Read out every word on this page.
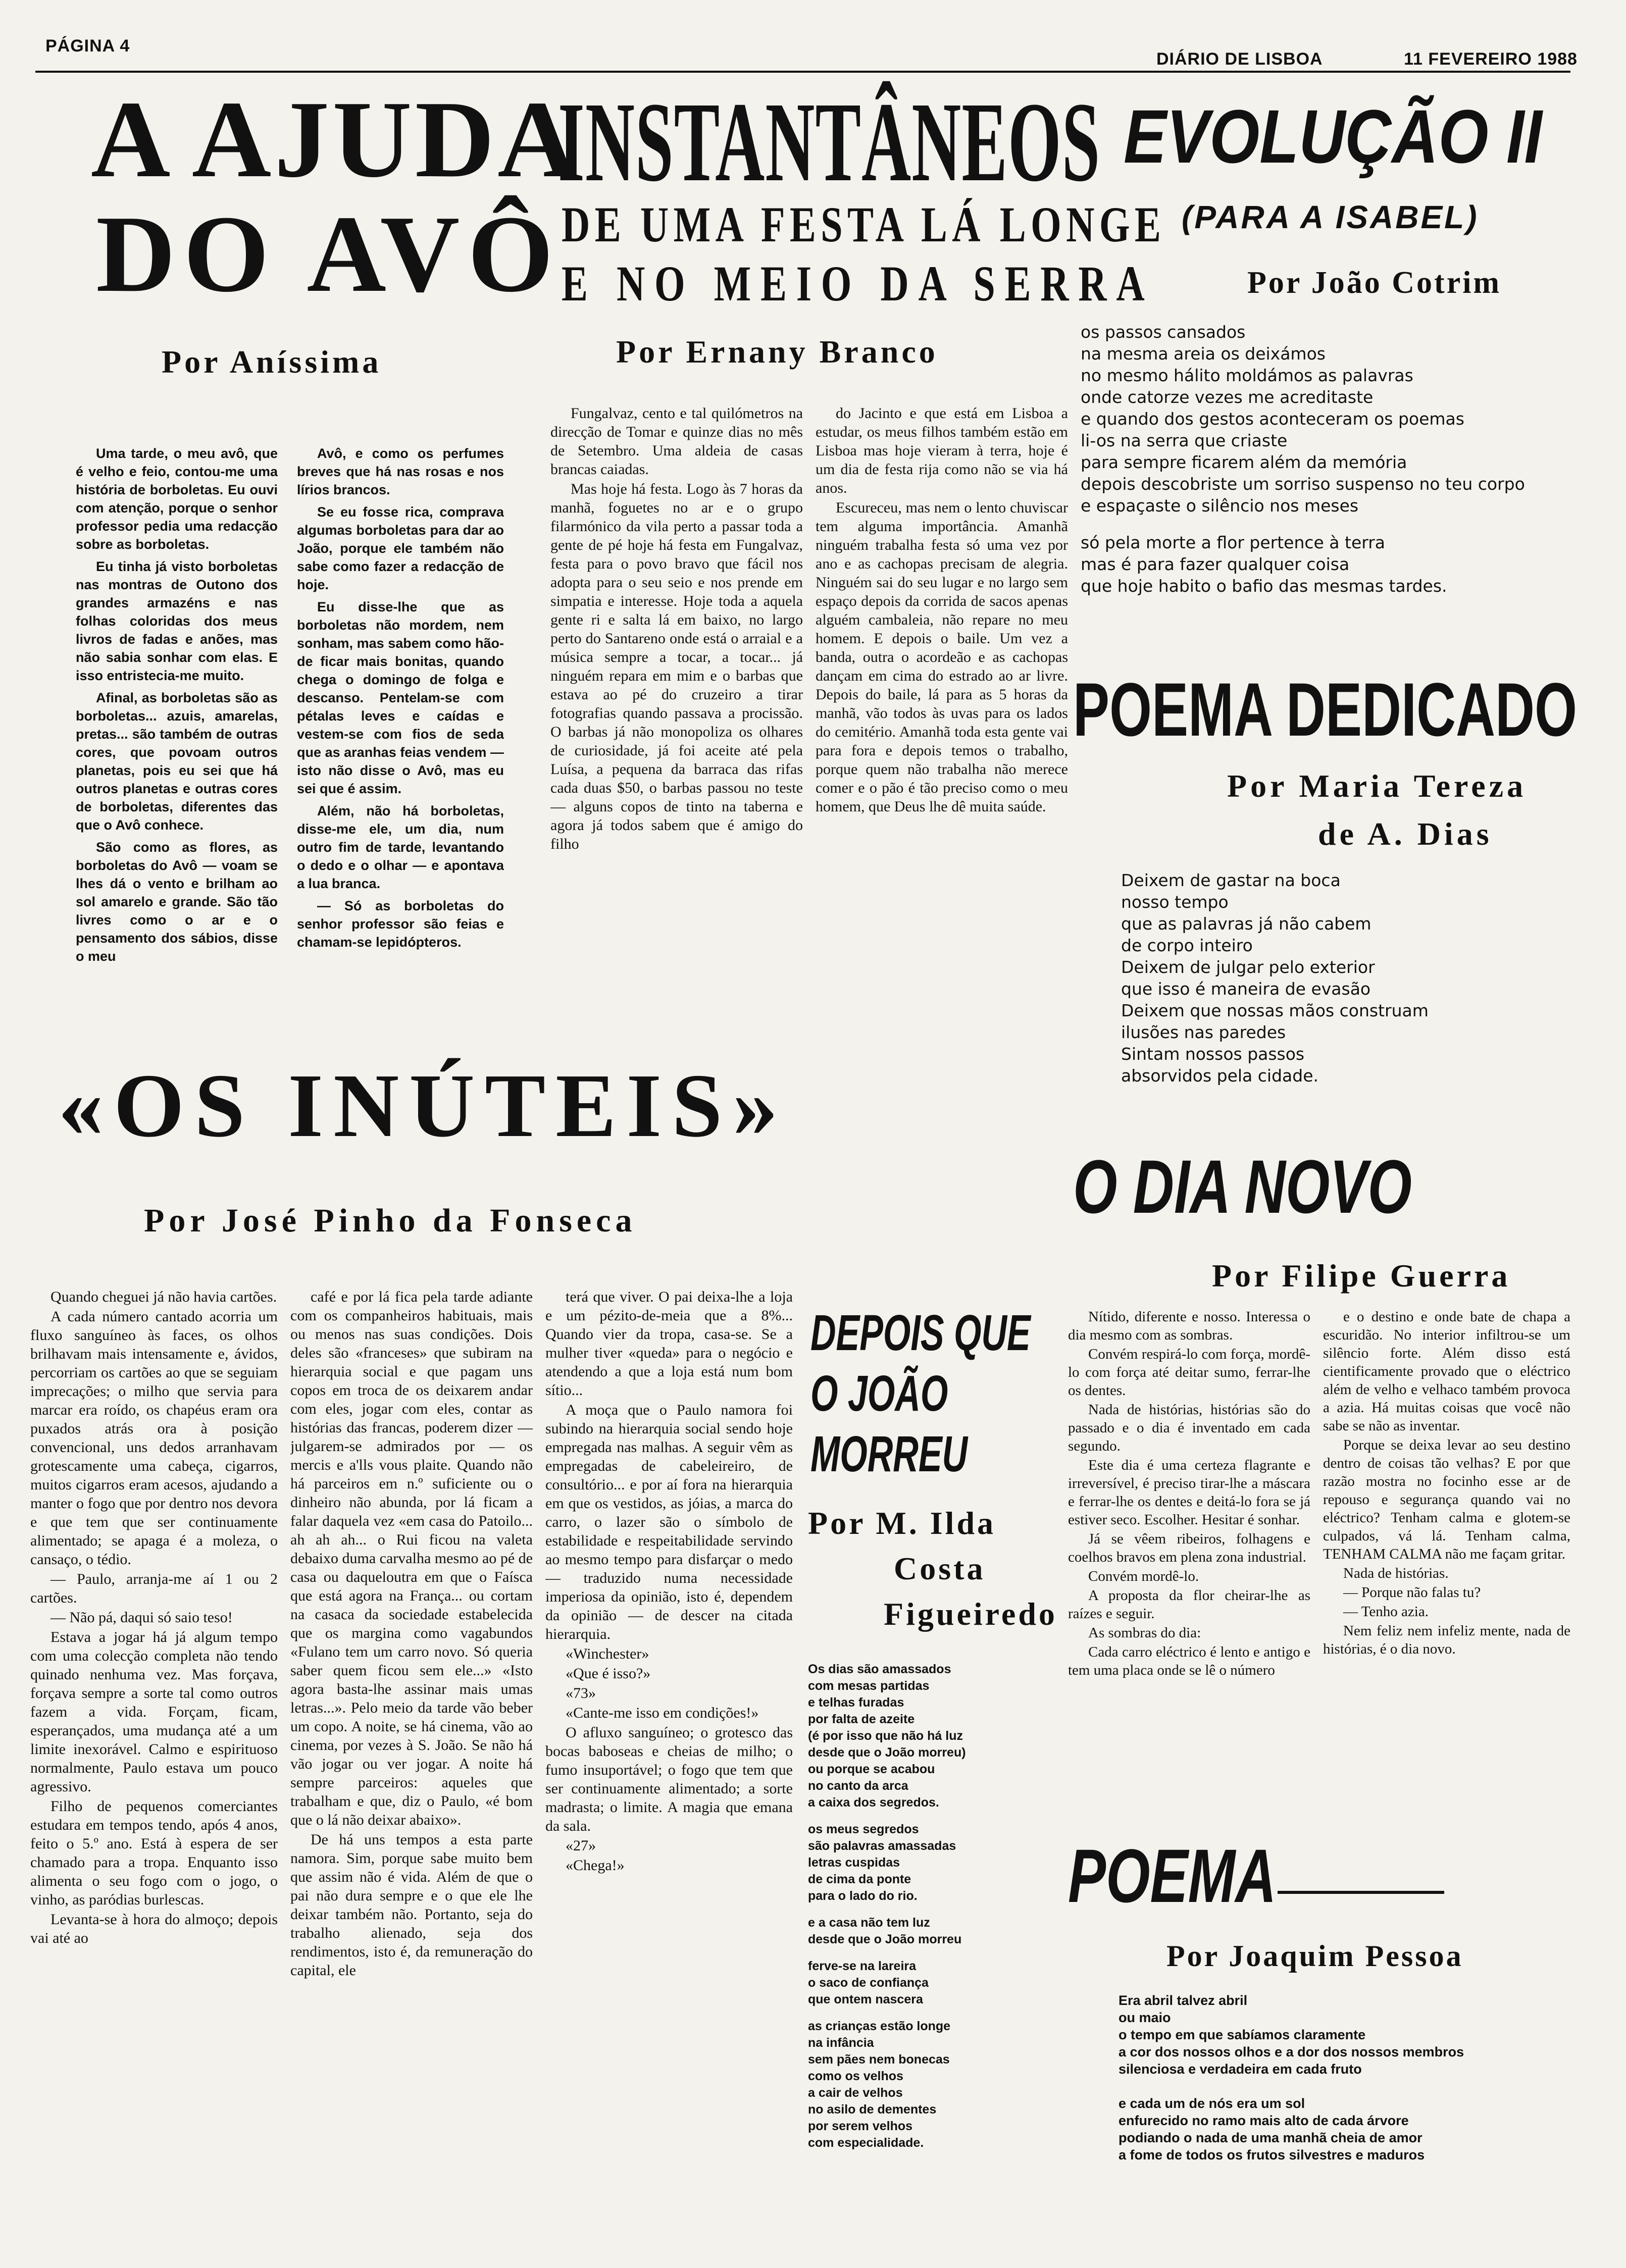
PÁGINA 4
DIÁRIO DE LISBOA	11 FEVEREIRO 1988
A AJUDA
DO AVÔ
Por Aníssima

Uma tarde, o meu avô, que é velho e feio, contou-me uma história de borboletas. Eu ouvi com atenção, porque o senhor professor pedia uma redacção sobre as borboletas.

Eu tinha já visto borboletas nas montras de Outono dos grandes armazéns e nas folhas coloridas dos meus livros de fadas e anões, mas não sabia sonhar com elas. E isso entristecia-me muito.

Afinal, as borboletas são as borboletas... azuis, amarelas, pretas... são também de outras cores, que povoam outros planetas, pois eu sei que há outros planetas e outras cores de borboletas, diferentes das que o Avô conhece.

São como as flores, as borboletas do Avô — voam se lhes dá o vento e brilham ao sol amarelo e grande. São tão livres como o ar e o pensamento dos sábios, disse o meu

Avô, e como os perfumes breves que há nas rosas e nos lírios brancos.

Se eu fosse rica, comprava algumas borboletas para dar ao João, porque ele também não sabe como fazer a redacção de hoje.

Eu disse-lhe que as borboletas não mordem, nem sonham, mas sabem como hão-de ficar mais bonitas, quando chega o domingo de folga e descanso. Pentelam-se com pétalas leves e caídas e vestem-se com fios de seda que as aranhas feias vendem — isto não disse o Avô, mas eu sei que é assim.

Além, não há borboletas, disse-me ele, um dia, num outro fim de tarde, levantando o dedo e o olhar — e apontava a lua branca.

— Só as borboletas do senhor professor são feias e chamam-se lepidópteros.

INSTANTÂNEOS
DE UMA FESTA LÁ LONGE
E NO MEIO DA SERRA
Por Ernany Branco

Fungalvaz, cento e tal quilómetros na direcção de Tomar e quinze dias no mês de Setembro. Uma aldeia de casas brancas caiadas.

Mas hoje há festa. Logo às 7 horas da manhã, foguetes no ar e o grupo filarmónico da vila perto a passar toda a gente de pé hoje há festa em Fungalvaz, festa para o povo bravo que fácil nos adopta para o seu seio e nos prende em simpatia e interesse. Hoje toda a aquela gente ri e salta lá em baixo, no largo perto do Santareno onde está o arraial e a música sempre a tocar, a tocar... já ninguém repara em mim e o barbas que estava ao pé do cruzeiro a tirar fotografias quando passava a procissão. O barbas já não monopoliza os olhares de curiosidade, já foi aceite até pela Luísa, a pequena da barraca das rifas cada duas $50, o barbas passou no teste — alguns copos de tinto na taberna e agora já todos sabem que é amigo do filho

do Jacinto e que está em Lisboa a estudar, os meus filhos também estão em Lisboa mas hoje vieram à terra, hoje é um dia de festa rija como não se via há anos.

Escureceu, mas nem o lento chuviscar tem alguma importância. Amanhã ninguém trabalha festa só uma vez por ano e as cachopas precisam de alegria. Ninguém sai do seu lugar e no largo sem espaço depois da corrida de sacos apenas alguém cambaleia, não repare no meu homem. E depois o baile. Um vez a banda, outra o acordeão e as cachopas dançam em cima do estrado ao ar livre. Depois do baile, lá para as 5 horas da manhã, vão todos às uvas para os lados do cemitério. Amanhã toda esta gente vai para fora e depois temos o trabalho, porque quem não trabalha não merece comer e o pão é tão preciso como o meu homem, que Deus lhe dê muita saúde.

EVOLUÇÃO II
(PARA A ISABEL)
Por João Cotrim
os passos cansados
na mesma areia os deixámos
no mesmo hálito moldámos as palavras
onde catorze vezes me acreditaste
e quando dos gestos aconteceram os poemas
li-os na serra que criaste
para sempre ficarem além da memória
depois descobriste um sorriso suspenso no teu corpo
e espaçaste o silêncio nos meses
só pela morte a flor pertence à terra
mas é para fazer qualquer coisa
que hoje habito o bafio das mesmas tardes.
POEMA DEDICADO
Por Maria Tereza
de A. Dias
Deixem de gastar na boca
nosso tempo
que as palavras já não cabem
de corpo inteiro
Deixem de julgar pelo exterior
que isso é maneira de evasão
Deixem que nossas mãos construam
ilusões nas paredes
Sintam nossos passos
absorvidos pela cidade.
«OS INÚTEIS»
Por José Pinho da Fonseca

Quando cheguei já não havia cartões.

A cada número cantado acorria um fluxo sanguíneo às faces, os olhos brilhavam mais intensamente e, ávidos, percorriam os cartões ao que se seguiam imprecações; o milho que servia para marcar era roído, os chapéus eram ora puxados atrás ora à posição convencional, uns dedos arranhavam grotescamente uma cabeça, cigarros, muitos cigarros eram acesos, ajudando a manter o fogo que por dentro nos devora e que tem que ser continuamente alimentado; se apaga é a moleza, o cansaço, o tédio.

— Paulo, arranja-me aí 1 ou 2 cartões.

— Não pá, daqui só saio teso!

Estava a jogar há já algum tempo com uma colecção completa não tendo quinado nenhuma vez. Mas forçava, forçava sempre a sorte tal como outros fazem a vida. Forçam, ficam, esperançados, uma mudança até a um limite inexorável. Calmo e espirituoso normalmente, Paulo estava um pouco agressivo.

Filho de pequenos comerciantes estudara em tempos tendo, após 4 anos, feito o 5.º ano. Está à espera de ser chamado para a tropa. Enquanto isso alimenta o seu fogo com o jogo, o vinho, as paródias burlescas.

Levanta-se à hora do almoço; depois vai até ao

café e por lá fica pela tarde adiante com os companheiros habituais, mais ou menos nas suas condições. Dois deles são «franceses» que subiram na hierarquia social e que pagam uns copos em troca de os deixarem andar com eles, jogar com eles, contar as histórias das francas, poderem dizer — julgarem-se admirados por — os mercis e a'lls vous plaite. Quando não há parceiros em n.º suficiente ou o dinheiro não abunda, por lá ficam a falar daquela vez «em casa do Patoilo... ah ah ah... o Rui ficou na valeta debaixo duma carvalha mesmo ao pé de casa ou daqueloutra em que o Faísca que está agora na França... ou cortam na casaca da sociedade estabelecida que os margina como vagabundos «Fulano tem um carro novo. Só queria saber quem ficou sem ele...» «Isto agora basta-lhe assinar mais umas letras...». Pelo meio da tarde vão beber um copo. A noite, se há cinema, vão ao cinema, por vezes à S. João. Se não há vão jogar ou ver jogar. A noite há sempre parceiros: aqueles que trabalham e que, diz o Paulo, «é bom que o lá não deixar abaixo».

De há uns tempos a esta parte namora. Sim, porque sabe muito bem que assim não é vida. Além de que o pai não dura sempre e o que ele lhe deixar também não. Portanto, seja do trabalho alienado, seja dos rendimentos, isto é, da remuneração do capital, ele

terá que viver. O pai deixa-lhe a loja e um pézito-de-meia que a 8%... Quando vier da tropa, casa-se. Se a mulher tiver «queda» para o negócio e atendendo a que a loja está num bom sítio...

A moça que o Paulo namora foi subindo na hierarquia social sendo hoje empregada nas malhas. A seguir vêm as empregadas de cabeleireiro, de consultório... e por aí fora na hierarquia em que os vestidos, as jóias, a marca do carro, o lazer são o símbolo de estabilidade e respeitabilidade servindo ao mesmo tempo para disfarçar o medo — traduzido numa necessidade imperiosa da opinião, isto é, dependem da opinião — de descer na citada hierarquia.

«Winchester»

«Que é isso?»

«73»

«Cante-me isso em condições!»

O afluxo sanguíneo; o grotesco das bocas baboseas e cheias de milho; o fumo insuportável; o fogo que tem que ser continuamente alimentado; a sorte madrasta; o limite. A magia que emana da sala.

«27»

«Chega!»

DEPOIS QUE
O JOÃO
MORREU
Por M. Ilda
Costa
Figueiredo
Os dias são amassados
com mesas partidas
e telhas furadas
por falta de azeite
(é por isso que não há luz
desde que o João morreu)
ou porque se acabou
no canto da arca
a caixa dos segredos.
os meus segredos
são palavras amassadas
letras cuspidas
de cima da ponte
para o lado do rio.
e a casa não tem luz
desde que o João morreu
ferve-se na lareira
o saco de confiança
que ontem nascera
as crianças estão longe
na infância
sem pães nem bonecas
como os velhos
a cair de velhos
no asilo de dementes
por serem velhos
com especialidade.
O DIA NOVO
Por Filipe Guerra

Nítido, diferente e nosso. Interessa o dia mesmo com as sombras.

Convém respirá-lo com força, mordê-lo com força até deitar sumo, ferrar-lhe os dentes.

Nada de histórias, histórias são do passado e o dia é inventado em cada segundo.

Este dia é uma certeza flagrante e irreversível, é preciso tirar-lhe a máscara e ferrar-lhe os dentes e deitá-lo fora se já estiver seco. Escolher. Hesitar é sonhar.

Já se vêem ribeiros, folhagens e coelhos bravos em plena zona industrial.

Convém mordê-lo.

A proposta da flor cheirar-lhe as raízes e seguir.

As sombras do dia:

Cada carro eléctrico é lento e antigo e tem uma placa onde se lê o número

e o destino e onde bate de chapa a escuridão. No interior infiltrou-se um silêncio forte. Além disso está cientificamente provado que o eléctrico além de velho e velhaco também provoca a azia. Há muitas coisas que você não sabe se não as inventar.

Porque se deixa levar ao seu destino dentro de coisas tão velhas? E por que razão mostra no focinho esse ar de repouso e segurança quando vai no eléctrico? Tenham calma e glotem-se culpados, vá lá. Tenham calma, TENHAM CALMA não me façam gritar.

Nada de histórias.

— Porque não falas tu?

— Tenho azia.

Nem feliz nem infeliz mente, nada de histórias, é o dia novo.

POEMA
Por Joaquim Pessoa
Era abril talvez abril
ou maio
o tempo em que sabíamos claramente
a cor dos nossos olhos e a dor dos nossos membros
silenciosa e verdadeira em cada fruto
e cada um de nós era um sol
enfurecido no ramo mais alto de cada árvore
podiando o nada de uma manhã cheia de amor
a fome de todos os frutos silvestres e maduros
